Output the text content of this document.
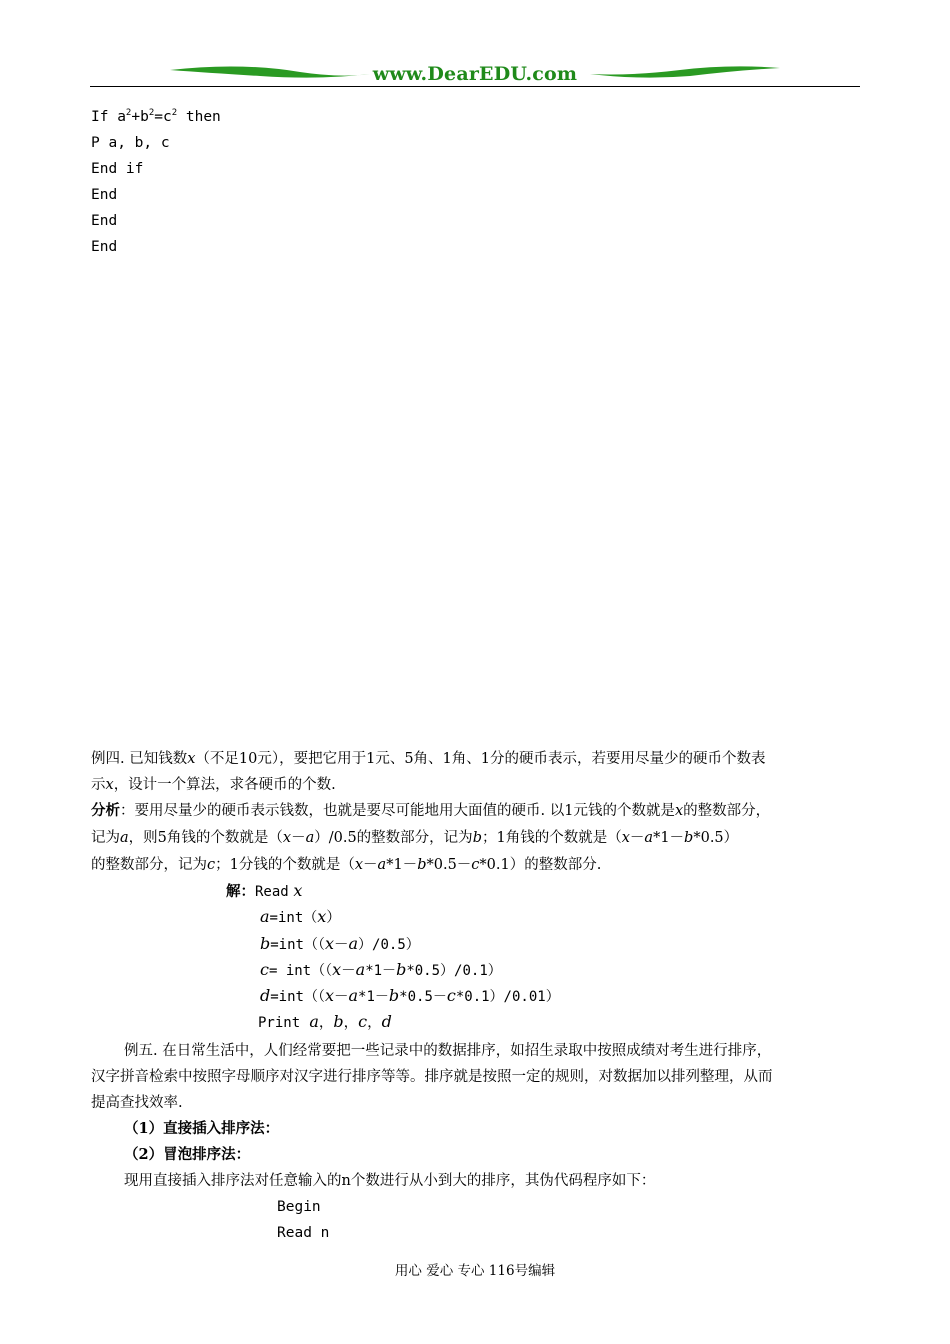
www.DearEDU.com
If $a^2+b^2=c^2$ then
P a, b, c
End if
End
End
End
例四. 已知钱数x（不足10元），要把它用于1元、5角、1角、1分的硬币表示，若要用尽量少的硬币个数表
示x，设计一个算法，求各硬币的个数.
分析：要用尽量少的硬币表示钱数，也就是要尽可能地用大面值的硬币. 以1元钱的个数就是x的整数部分，
记为a，则5角钱的个数就是（x－a）/0.5的整数部分，记为b；1角钱的个数就是（x－a*1－b*0.5）
的整数部分，记为c；1分钱的个数就是（x－a*1－b*0.5－c*0.1）的整数部分.
解：Read x
a=int（x）
b=int（（x－a）/0.5）
c= int（（x－a*1－b*0.5）/0.1）
d=int（（x－a*1－b*0.5－c*0.1）/0.01）
Print a，b，c，d
例五. 在日常生活中，人们经常要把一些记录中的数据排序，如招生录取中按照成绩对考生进行排序，
汉字拼音检索中按照字母顺序对汉字进行排序等等。排序就是按照一定的规则，对数据加以排列整理，从而
提高查找效率.
（1）直接插入排序法：
（2）冒泡排序法：
现用直接插入排序法对任意输入的n个数进行从小到大的排序，其伪代码程序如下：
Begin
Read n
用心 爱心 专心 116号编辑
